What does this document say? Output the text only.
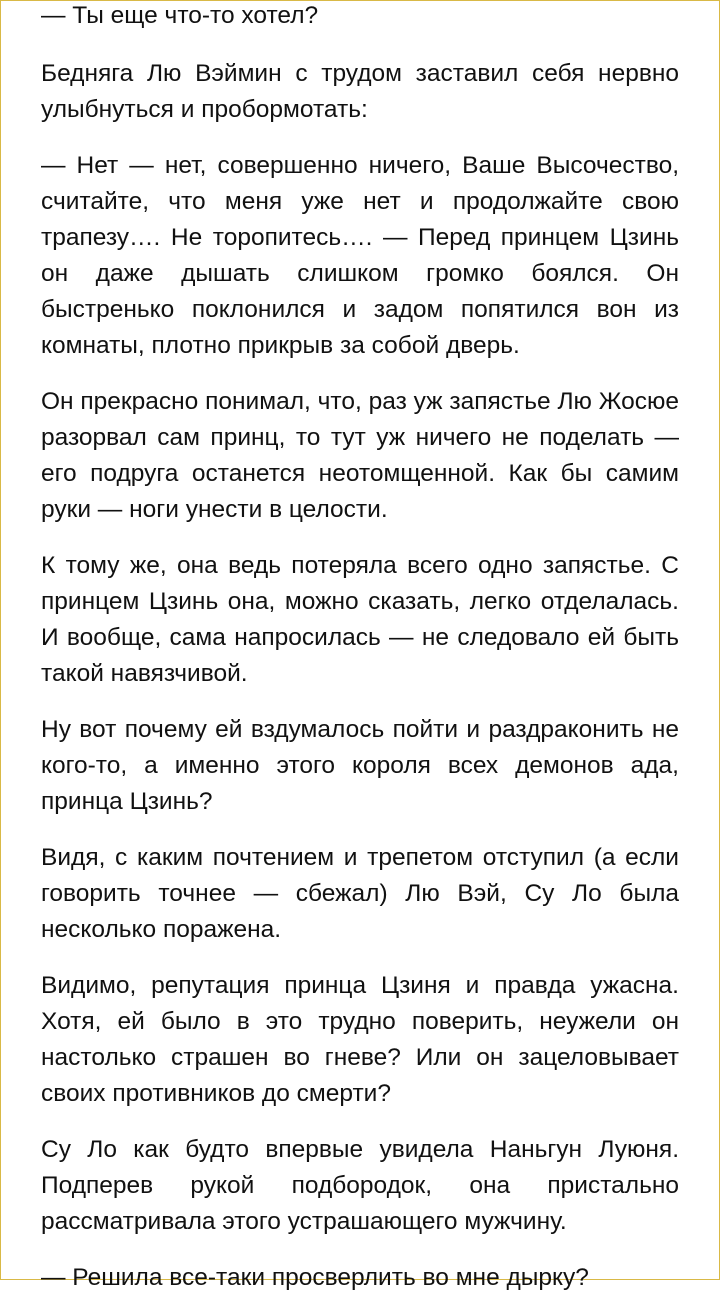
— Ты еще что-то хотел?

Бедняга Лю Вэймин с трудом заставил себя нервно улыбнуться и пробормотать:

— Нет — нет, совершенно ничего, Ваше Высочество, считайте, что меня уже нет и продолжайте свою трапезу…. Не торопитесь…. — Перед принцем Цзинь он даже дышать слишком громко боялся. Он быстренько поклонился и задом попятился вон из комнаты, плотно прикрыв за собой дверь.

Он прекрасно понимал, что, раз уж запястье Лю Жосюе разорвал сам принц, то тут уж ничего не поделать — его подруга останется неотомщенной. Как бы самим руки — ноги унести в целости.

К тому же, она ведь потеряла всего одно запястье. С принцем Цзинь она, можно сказать, легко отделалась. И вообще, сама напросилась — не следовало ей быть такой навязчивой.

Ну вот почему ей вздумалось пойти и раздраконить не кого-то, а именно этого короля всех демонов ада, принца Цзинь?

Видя, с каким почтением и трепетом отступил (а если говорить точнее — сбежал) Лю Вэй, Су Ло была несколько поражена.

Видимо, репутация принца Цзиня и правда ужасна. Хотя, ей было в это трудно поверить, неужели он настолько страшен во гневе? Или он зацеловывает своих противников до смерти?

Су Ло как будто впервые увидела Наньгун Луюня. Подперев рукой подбородок, она пристально рассматривала этого устрашающего мужчину.

— Решила все-таки просверлить во мне дырку?
